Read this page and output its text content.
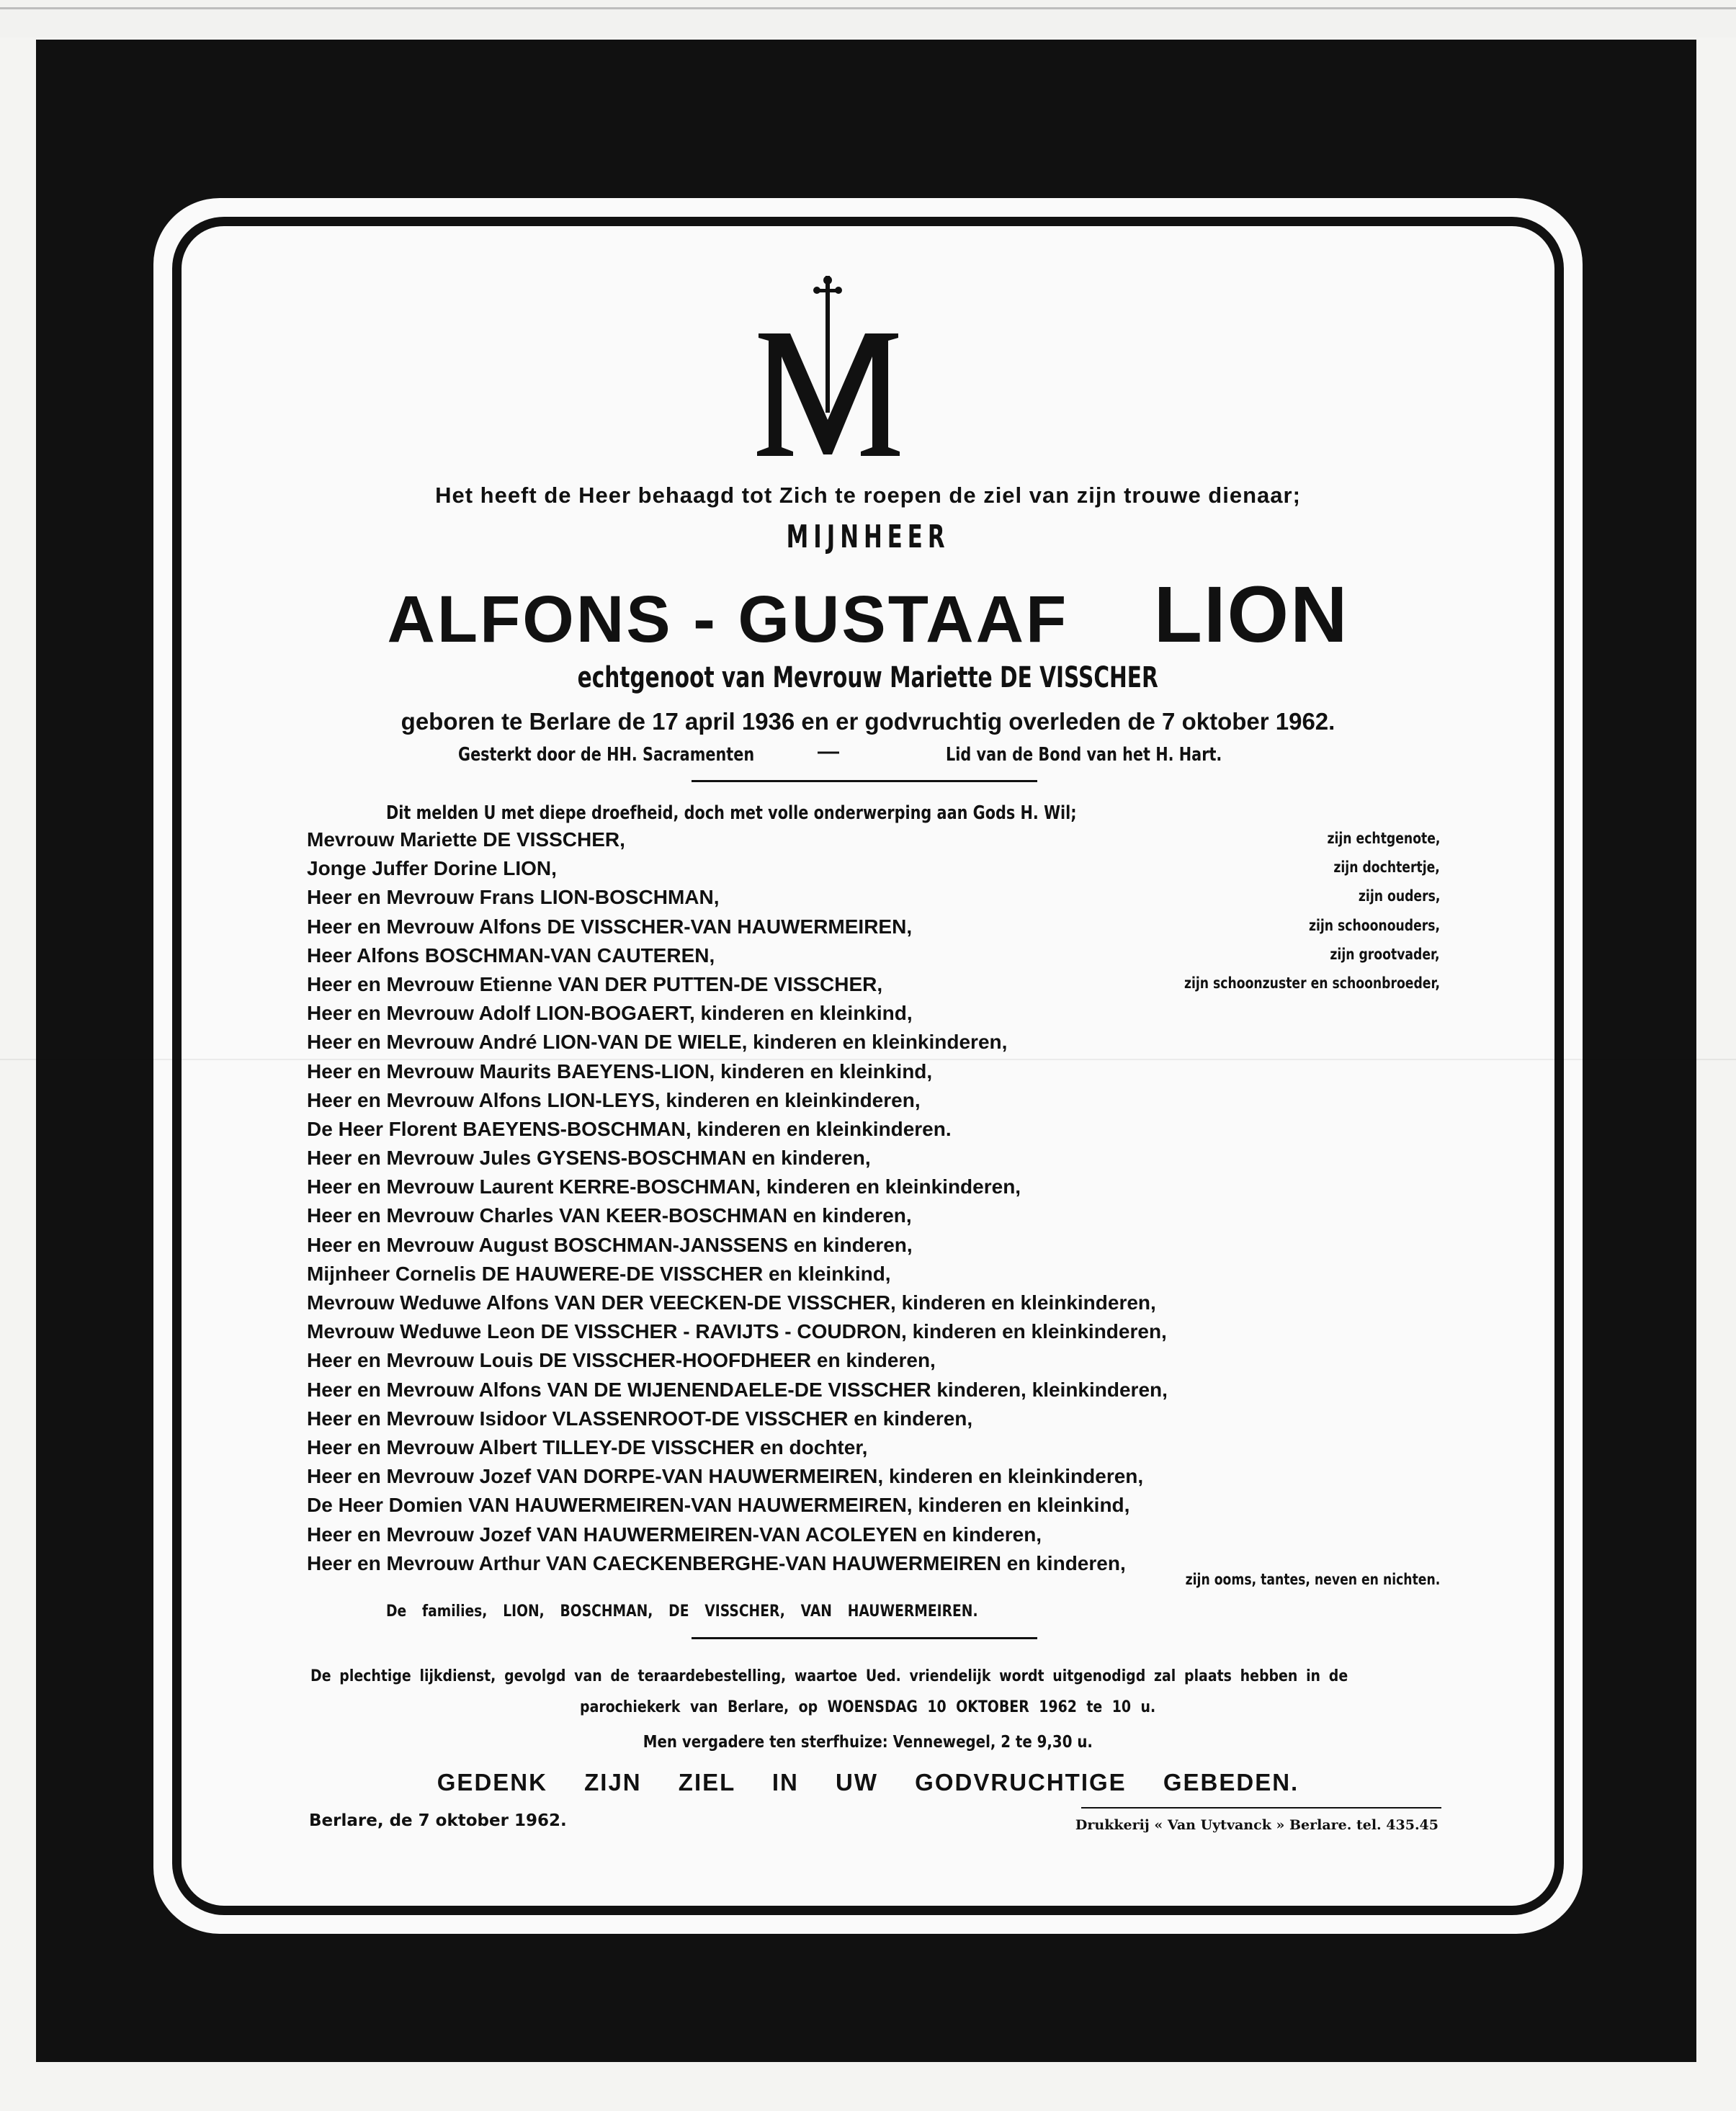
Het heeft de Heer behaagd tot Zich te roepen de ziel van zijn trouwe dienaar;
MIJNHEER
ALFONS - GUSTAAF LION
echtgenoot van Mevrouw Mariette DE VISSCHER
geboren te Berlare de 17 april 1936 en er godvruchtig overleden de 7 oktober 1962.
Gesterkt door de HH. Sacramenten	—	Lid van de Bond van het H. Hart.
Dit melden U met diepe droefheid, doch met volle onderwerping aan Gods H. Wil;
Mevrouw Mariette DE VISSCHER,	zijn echtgenote,
Jonge Juffer Dorine LION,	zijn dochtertje,
Heer en Mevrouw Frans LION-BOSCHMAN,	zijn ouders,
Heer en Mevrouw Alfons DE VISSCHER-VAN HAUWERMEIREN,	zijn schoonouders,
Heer Alfons BOSCHMAN-VAN CAUTEREN,	zijn grootvader,
Heer en Mevrouw Etienne VAN DER PUTTEN-DE VISSCHER,	zijn schoonzuster en schoonbroeder,
Heer en Mevrouw Adolf LION-BOGAERT, kinderen en kleinkind,
Heer en Mevrouw André LION-VAN DE WIELE, kinderen en kleinkinderen,
Heer en Mevrouw Maurits BAEYENS-LION, kinderen en kleinkind,
Heer en Mevrouw Alfons LION-LEYS, kinderen en kleinkinderen,
De Heer Florent BAEYENS-BOSCHMAN, kinderen en kleinkinderen.
Heer en Mevrouw Jules GYSENS-BOSCHMAN en kinderen,
Heer en Mevrouw Laurent KERRE-BOSCHMAN, kinderen en kleinkinderen,
Heer en Mevrouw Charles VAN KEER-BOSCHMAN en kinderen,
Heer en Mevrouw August BOSCHMAN-JANSSENS en kinderen,
Mijnheer Cornelis DE HAUWERE-DE VISSCHER en kleinkind,
Mevrouw Weduwe Alfons VAN DER VEECKEN-DE VISSCHER, kinderen en kleinkinderen,
Mevrouw Weduwe Leon DE VISSCHER - RAVIJTS - COUDRON, kinderen en kleinkinderen,
Heer en Mevrouw Louis DE VISSCHER-HOOFDHEER en kinderen,
Heer en Mevrouw Alfons VAN DE WIJENENDAELE-DE VISSCHER kinderen, kleinkinderen,
Heer en Mevrouw Isidoor VLASSENROOT-DE VISSCHER en kinderen,
Heer en Mevrouw Albert TILLEY-DE VISSCHER en dochter,
Heer en Mevrouw Jozef VAN DORPE-VAN HAUWERMEIREN, kinderen en kleinkinderen,
De Heer Domien VAN HAUWERMEIREN-VAN HAUWERMEIREN, kinderen en kleinkind,
Heer en Mevrouw Jozef VAN HAUWERMEIREN-VAN ACOLEYEN en kinderen,
Heer en Mevrouw Arthur VAN CAECKENBERGHE-VAN HAUWERMEIREN en kinderen,
zijn ooms, tantes, neven en nichten.
De families, LION, BOSCHMAN, DE VISSCHER, VAN HAUWERMEIREN.
De plechtige lijkdienst, gevolgd van de teraardebestelling, waartoe Ued. vriendelijk wordt uitgenodigd zal plaats hebben in de
parochiekerk van Berlare, op WOENSDAG 10 OKTOBER 1962 te 10 u.
Men vergadere ten sterfhuize: Vennewegel, 2 te 9,30 u.
GEDENK ZIJN ZIEL IN UW GODVRUCHTIGE GEBEDEN.
Berlare, de 7 oktober 1962.	Drukkerij « Van Uytvanck » Berlare. tel. 435.45
